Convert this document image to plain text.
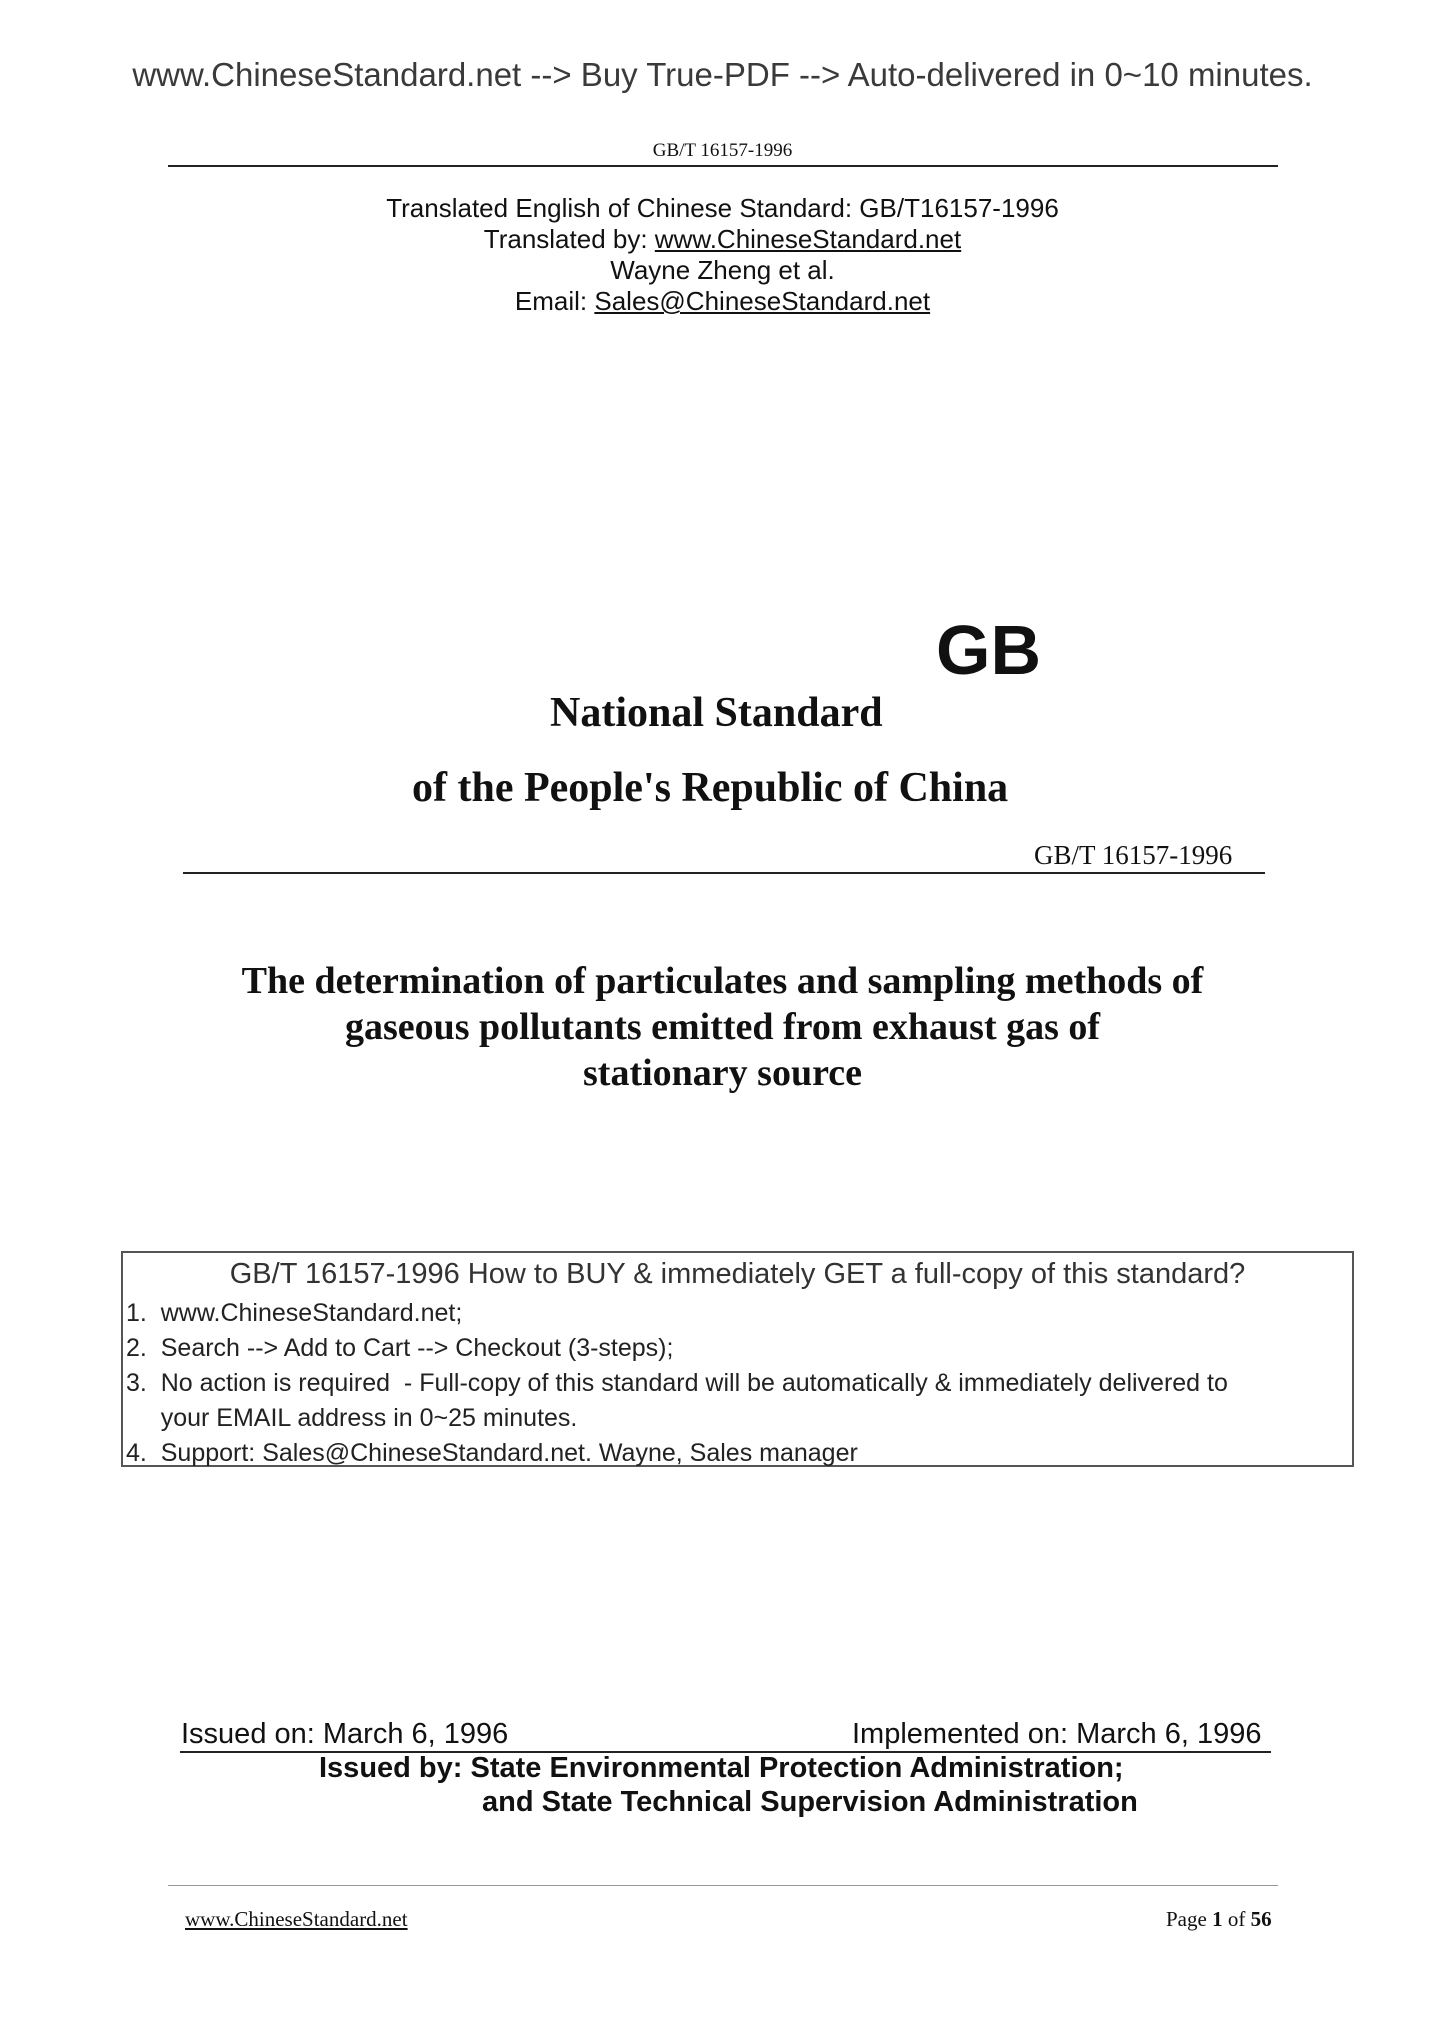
www.ChineseStandard.net --> Buy True-PDF --> Auto-delivered in 0~10 minutes.
GB/T 16157-1996
Translated English of Chinese Standard: GB/T16157-1996
Translated by: www.ChineseStandard.net
Wayne Zheng et al.
Email: Sales@ChineseStandard.net
GB
National Standard
of the People's Republic of China
GB/T 16157-1996
The determination of particulates and sampling methods of
gaseous pollutants emitted from exhaust gas of
stationary source
GB/T 16157-1996 How to BUY & immediately GET a full-copy of this standard?
1.  www.ChineseStandard.net;
2.  Search --> Add to Cart --> Checkout (3-steps);
3.  No action is required  - Full-copy of this standard will be automatically & immediately delivered to
your EMAIL address in 0~25 minutes.
4.  Support: Sales@ChineseStandard.net. Wayne, Sales manager
Issued on: March 6, 1996	Implemented on: March 6, 1996
Issued by: State Environmental Protection Administration;
and State Technical Supervision Administration
www.ChineseStandard.net	Page 1 of 56
